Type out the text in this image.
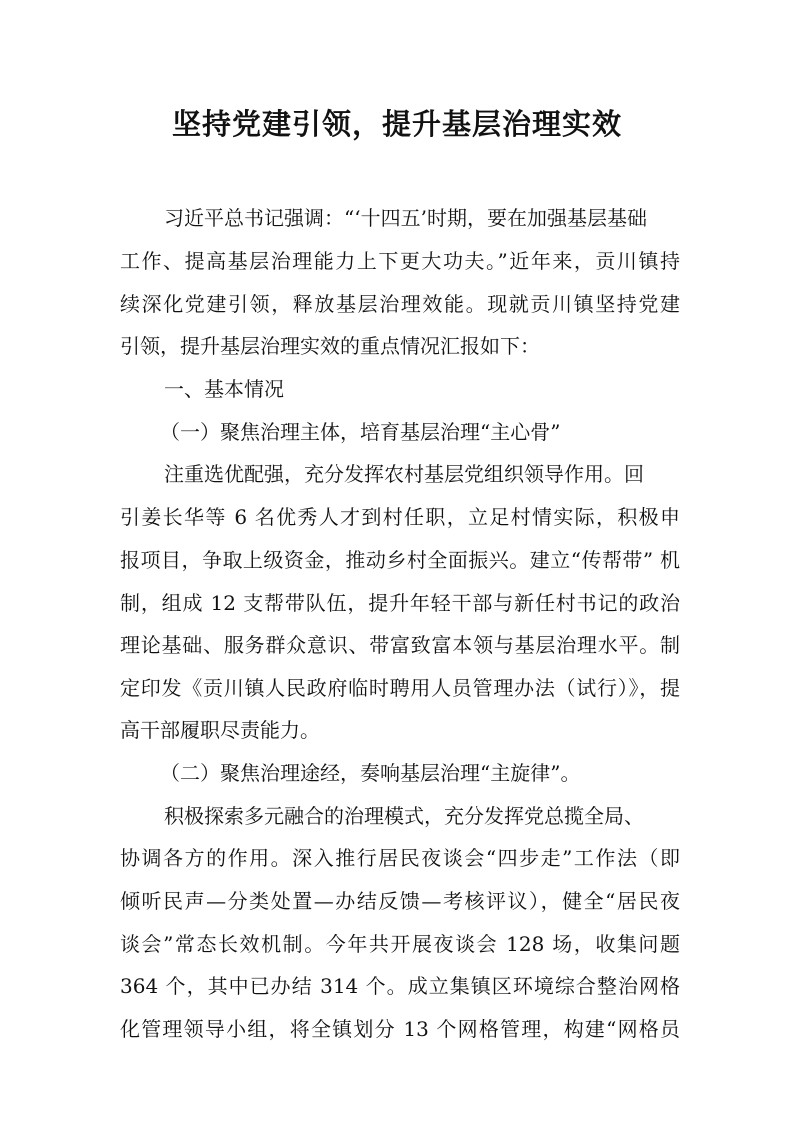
坚持党建引领，提升基层治理实效

习近平总书记强调：“‘十四五’时期，要在加强基层基础

工作、提高基层治理能力上下更大功夫。”近年来，贡川镇持

续深化党建引领，释放基层治理效能。现就贡川镇坚持党建

引领，提升基层治理实效的重点情况汇报如下：

一、基本情况

（一）聚焦治理主体，培育基层治理“主心骨”

注重选优配强，充分发挥农村基层党组织领导作用。回

引姜长华等 6 名优秀人才到村任职，立足村情实际，积极申

报项目，争取上级资金，推动乡村全面振兴。建立“传帮带” 机

制，组成 12 支帮带队伍，提升年轻干部与新任村书记的政治

理论基础、服务群众意识、带富致富本领与基层治理水平。制

定印发《贡川镇人民政府临时聘用人员管理办法（试行）》，提

高干部履职尽责能力。

（二）聚焦治理途经，奏响基层治理“主旋律”。

积极探索多元融合的治理模式，充分发挥党总揽全局、

协调各方的作用。深入推行居民夜谈会“四步走”工作法（即

倾听民声—分类处置—办结反馈—考核评议），健全“居民夜

谈会”常态长效机制。今年共开展夜谈会 128 场，收集问题

364 个，其中已办结 314 个。成立集镇区环境综合整治网格

化管理领导小组，将全镇划分 13 个网格管理，构建“网格员
